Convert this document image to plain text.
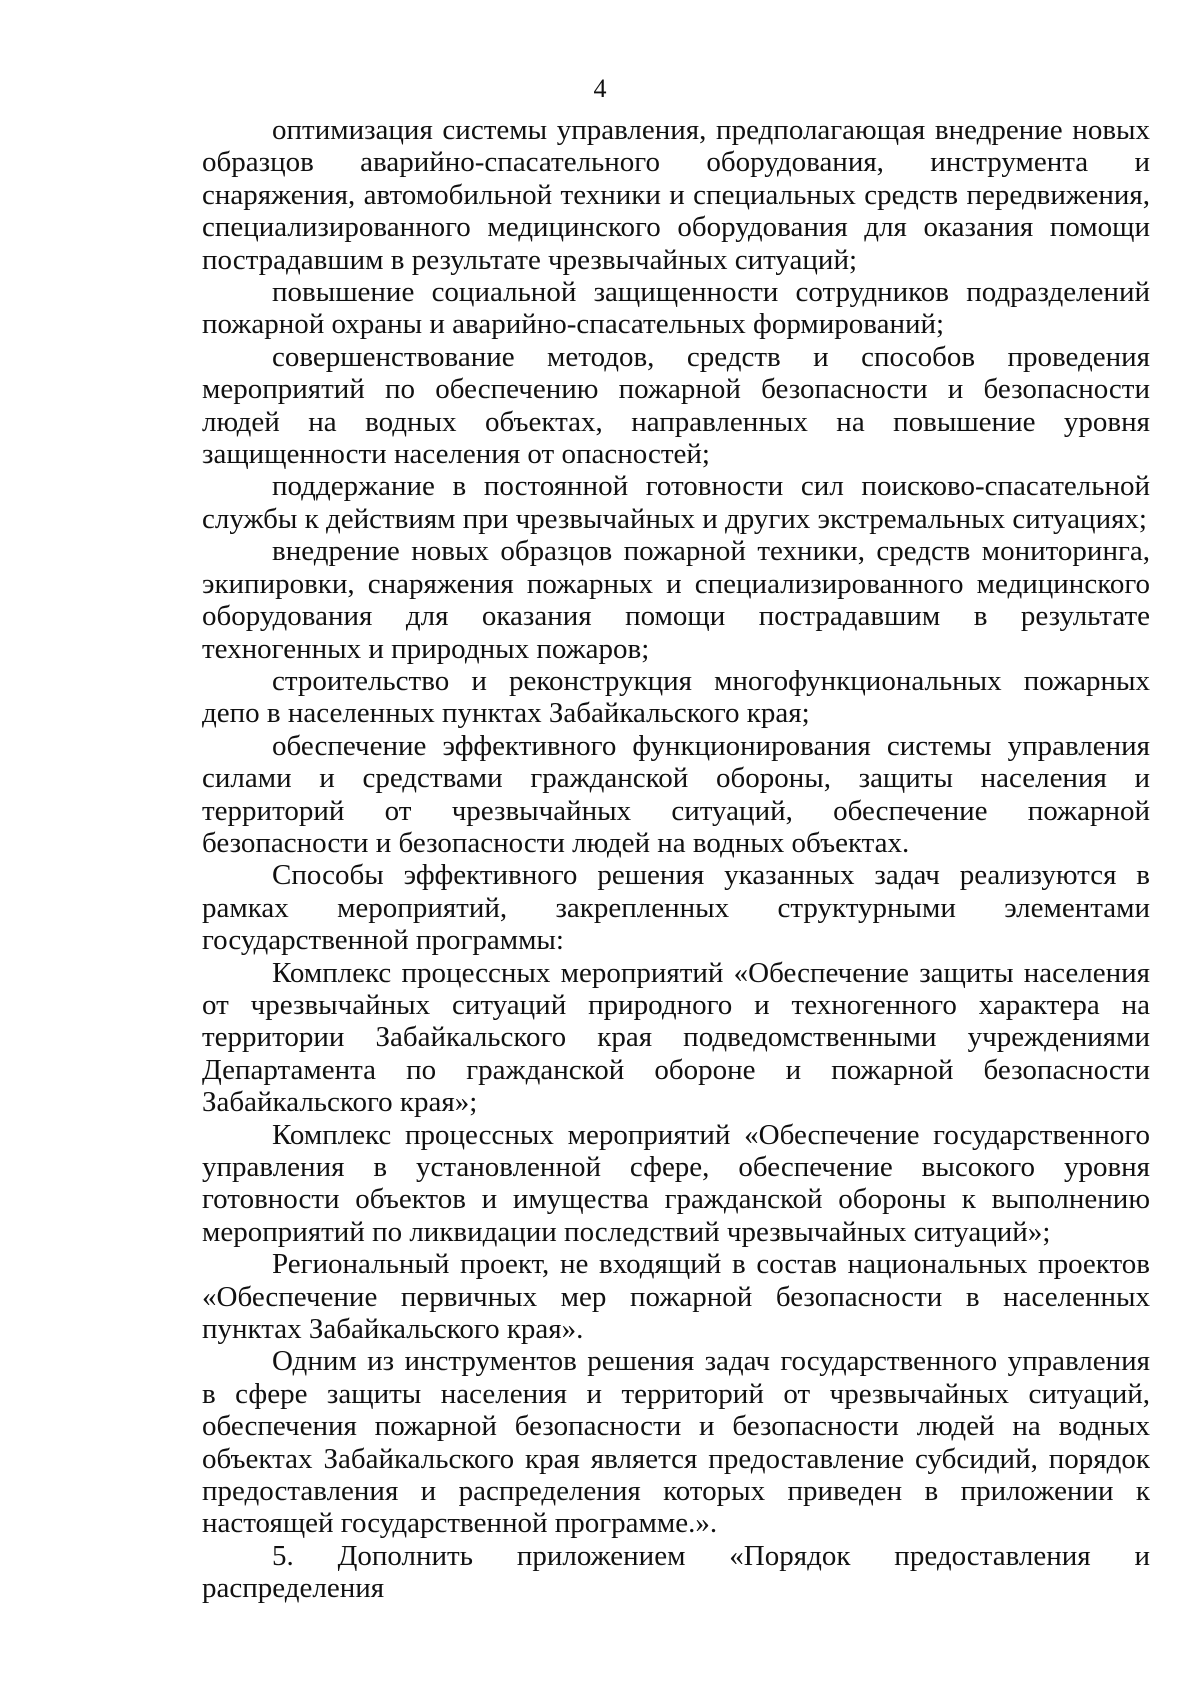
4

оптимизация системы управления, предполагающая внедрение новых образцов аварийно-спасательного оборудования, инструмента и снаряжения, автомобильной техники и специальных средств передвижения, специализированного медицинского оборудования для оказания помощи пострадавшим в результате чрезвычайных ситуаций;

повышение социальной защищенности сотрудников подразделений пожарной охраны и аварийно-спасательных формирований;

совершенствование методов, средств и способов проведения мероприятий по обеспечению пожарной безопасности и безопасности людей на водных объектах, направленных на повышение уровня защищенности населения от опасностей;

поддержание в постоянной готовности сил поисково-спасательной службы к действиям при чрезвычайных и других экстремальных ситуациях;

внедрение новых образцов пожарной техники, средств мониторинга, экипировки, снаряжения пожарных и специализированного медицинского оборудования для оказания помощи пострадавшим в результате техногенных и природных пожаров;

строительство и реконструкция многофункциональных пожарных депо в населенных пунктах Забайкальского края;

обеспечение эффективного функционирования системы управления силами и средствами гражданской обороны, защиты населения и территорий от чрезвычайных ситуаций, обеспечение пожарной безопасности и безопасности людей на водных объектах.

Способы эффективного решения указанных задач реализуются в рамках мероприятий, закрепленных структурными элементами государственной программы:

Комплекс процессных мероприятий «Обеспечение защиты населения от чрезвычайных ситуаций природного и техногенного характера на территории Забайкальского края подведомственными учреждениями Департамента по гражданской обороне и пожарной безопасности Забайкальского края»;

Комплекс процессных мероприятий «Обеспечение государственного управления в установленной сфере, обеспечение высокого уровня готовности объектов и имущества гражданской обороны к выполнению мероприятий по ликвидации последствий чрезвычайных ситуаций»;

Региональный проект, не входящий в состав национальных проектов «Обеспечение первичных мер пожарной безопасности в населенных пунктах Забайкальского края».

Одним из инструментов решения задач государственного управления в сфере защиты населения и территорий от чрезвычайных ситуаций, обеспечения пожарной безопасности и безопасности людей на водных объектах Забайкальского края является предоставление субсидий, порядок предоставления и распределения которых приведен в приложении к настоящей государственной программе.».

5. Дополнить приложением «Порядок предоставления и распределения
